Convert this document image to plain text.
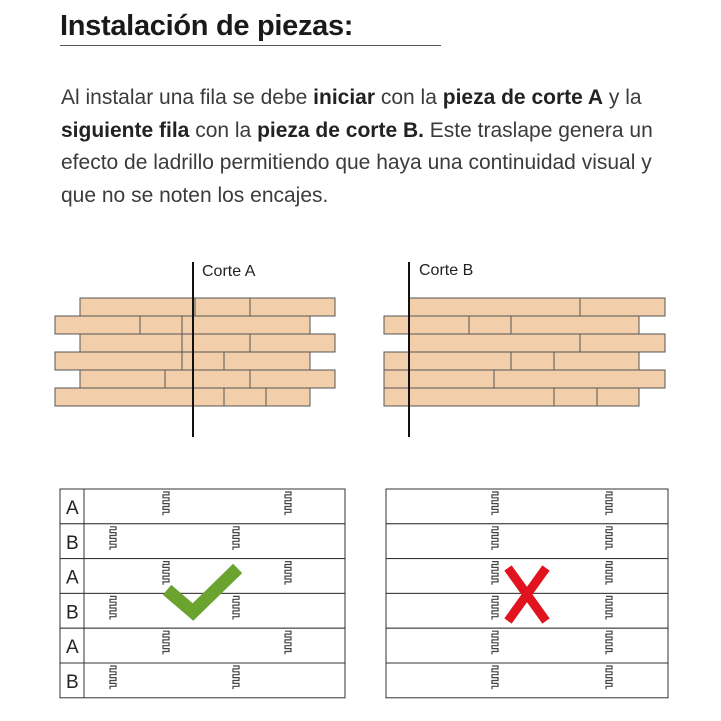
Instalación de piezas:

Al instalar una fila se debe iniciar con la pieza de corte A y la siguiente fila con la pieza de corte B. Este traslape genera un efecto de ladrillo permitiendo que haya una continuidad visual y que no se noten los encajes.

Corte A	Corte B
A
B
A
B
A
B
